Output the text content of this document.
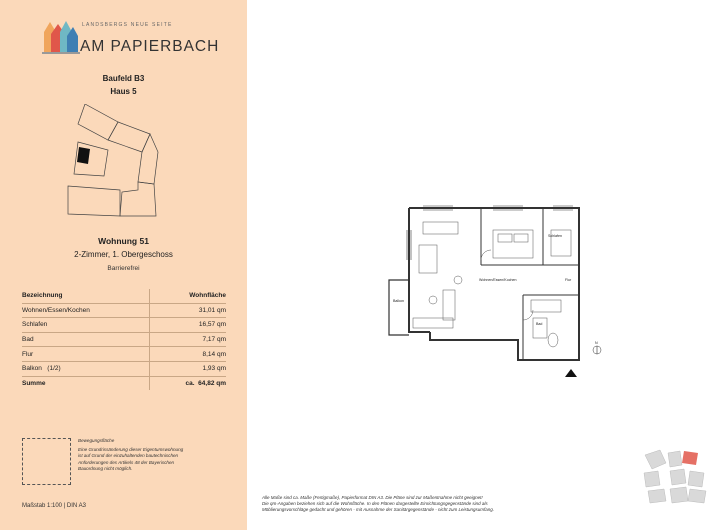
LANDSBERGS NEUE SEITE
AM PAPIERBACH
Baufeld B3
Haus 5
Wohnung 51
2-Zimmer, 1. Obergeschoss
Barrierefrei
Bezeichnung	Wohnfläche
Wohnen/Essen/Kochen	31,01 qm
Schlafen	16,57 qm
Bad	7,17 qm
Flur	8,14 qm
Balkon   (1/2)	1,93 qm
Summe	ca.  64,82 qm

Bewegungsfläche

Eine Grundrissänderung dieser Eigentumswohnung ist auf Grund der einzuhaltenden bautechnischen Anforderungen des Artikels 48 der Bayerischen Bauordnung nicht möglich.

Maßstab 1:100 | DIN A3
Schlafen
Wohnen/Essen/Kochen	Flur
Bad
Balkon
N

Alle Maße sind ca. Maße (Fertigmaße), Papierformat DIN A3. Die Pläne sind zur Maßentnahme nicht geeignet!

Die qm-Angaben beziehen sich auf die Wohnfläche. In den Plänen dargestellte Einrichtungsgegenstände sind als

Möblierungsvorschläge gedacht und gehören - mit Ausnahme der Sanitärgegenstände - nicht zum Leistungsumfang.
